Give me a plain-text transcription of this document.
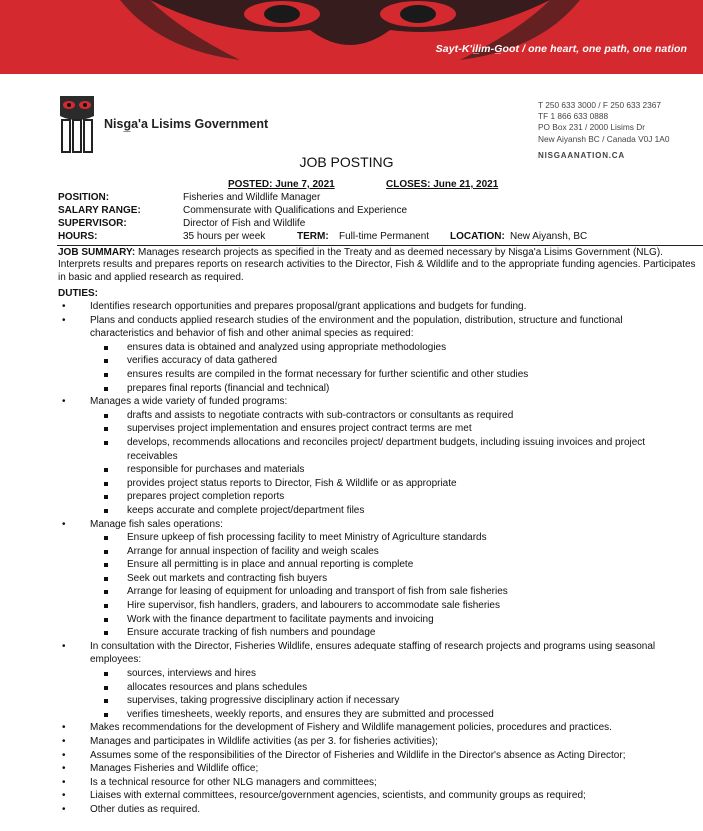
Sayt-K'il̲im-G̲oot / one heart, one path, one nation
Nisg̲a'a Lisims Government
T 250 633 3000 / F 250 633 2367
TF 1 866 633 0888
PO Box 231 / 2000 Lisims Dr
New Aiyansh BC / Canada V0J 1A0
NISGAANATION.CA
JOB POSTING
POSTED: June 7, 2021	CLOSES: June 21, 2021
POSITION:	Fisheries and Wildlife Manager
SALARY RANGE:	Commensurate with Qualifications and Experience
SUPERVISOR:	Director of Fish and Wildlife
HOURS:	35 hours per week	TERM: Full-time Permanent LOCATION: New Aiyansh, BC
JOB SUMMARY: Manages research projects as specified in the Treaty and as deemed necessary by Nisga'a Lisims Government (NLG). Interprets results and prepares reports on research activities to the Director, Fish & Wildlife and to the appropriate funding agencies. Participates in basic and applied research as required.
DUTIES:
• Identifies research opportunities and prepares proposal/grant applications and budgets for funding.
• Plans and conducts applied research studies of the environment and the population, distribution, structure and functional characteristics and behavior of fish and other animal species as required:
ensures data is obtained and analyzed using appropriate methodologies
verifies accuracy of data gathered
ensures results are compiled in the format necessary for further scientific and other studies
prepares final reports (financial and technical)
• Manages a wide variety of funded programs:
drafts and assists to negotiate contracts with sub-contractors or consultants as required
supervises project implementation and ensures project contract terms are met
develops, recommends allocations and reconciles project/ department budgets, including issuing invoices and project receivables
responsible for purchases and materials
provides project status reports to Director, Fish & Wildlife or as appropriate
prepares project completion reports
keeps accurate and complete project/department files
• Manage fish sales operations:
Ensure upkeep of fish processing facility to meet Ministry of Agriculture standards
Arrange for annual inspection of facility and weigh scales
Ensure all permitting is in place and annual reporting is complete
Seek out markets and contracting fish buyers
Arrange for leasing of equipment for unloading and transport of fish from sale fisheries
Hire supervisor, fish handlers, graders, and labourers to accommodate sale fisheries
Work with the finance department to facilitate payments and invoicing
Ensure accurate tracking of fish numbers and poundage
• In consultation with the Director, Fisheries Wildlife, ensures adequate staffing of research projects and programs using seasonal employees:
sources, interviews and hires
allocates resources and plans schedules
supervises, taking progressive disciplinary action if necessary
verifies timesheets, weekly reports, and ensures they are submitted and processed
• Makes recommendations for the development of Fishery and Wildlife management policies, procedures and practices.
• Manages and participates in Wildlife activities (as per 3. for fisheries activities);
• Assumes some of the responsibilities of the Director of Fisheries and Wildlife in the Director's absence as Acting Director;
• Manages Fisheries and Wildlife office;
• Is a technical resource for other NLG managers and committees;
• Liaises with external committees, resource/government agencies, scientists, and community groups as required;
• Other duties as required.
